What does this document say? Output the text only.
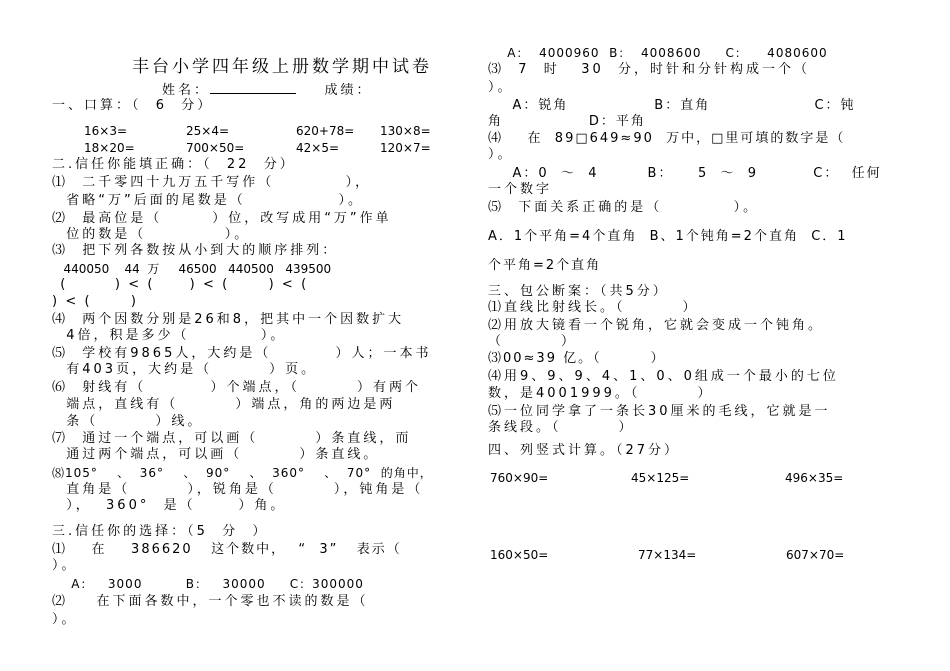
丰台小学四年级上册数学期中试卷
姓名：	成绩：
一、口算：（  6  分）
16×3=	25×4=	620+78= 130×8=
18×20=	700×50=	42×5=	120×7=
二.信任你能填正确：（  22  分）
⑴  二千零四十九万五千写作（          ），
省略“万”后面的尾数是（             ）。
⑵  最高位是（       ）位，改写成用“万”作单
位的数是（           ）。
⑶  把下列各数按从小到大的顺序排列：
440050    44  万     46500   440500   439500
(            )  <  (         )  <  (          )  <  (
)  <  (          )
⑷  两个因数分别是26和8，把其中一个因数扩大
4倍，积是多少（          ）。
⑸  学校有9865人，大约是（         ）人；一本书
有403页，大约是（        ）页。
⑹  射线有（         ）个端点，（        ）有两个
端点，直线有（        ）端点，角的两边是两
条（        ）线。
⑺  通过一个端点，可以画（        ）条直线，而
通过两个端点，可以画（        ）条直线。
⑻105°    、  36°    、  90°    、  360°    、  70°  的角中，
直角是（        ），锐角是（        ），钝角是（
），  360°  是（      ）角。
三.信任你的选择：（5  分  ）
⑴    在    386620   这个数中，  “  3”   表示（
）。
A：   3000         B：   30000     C：300000
⑵    在下面各数中，一个零也不读的数是（
）。
A：  4000960  B：  4008600     C：    4080600
⑶  7  时   30  分，时针和分针构成一个（
）。
A：锐角              B：直角                 C：钝
角              D：平角
⑷    在  89□649≈90  万中，□里可填的数字是（
）。
A：0  ～  4        B：    5  ～  9         C：  任何
一个数字
⑸  下面关系正确的是（          ）。
A．1个平角=4个直角  B、1个钝角=2个直角  C．1
个平角=2个直角
三、包公断案：（共5分）
⑴直线比射线长。（        ）
⑵用放大镜看一个锐角，它就会变成一个钝角。
（        ）
⑶00≈39 亿。（        ）
⑷用9、9、9、4、1、0、0组成一个最小的七位
数，是4001999。（        ）
⑸一位同学拿了一条长30厘米的毛线，它就是一
条线段。（        ）
四、列竖式计算。（27分）
760×90=	45×125=	496×35=
160×50=	77×134=	607×70=
